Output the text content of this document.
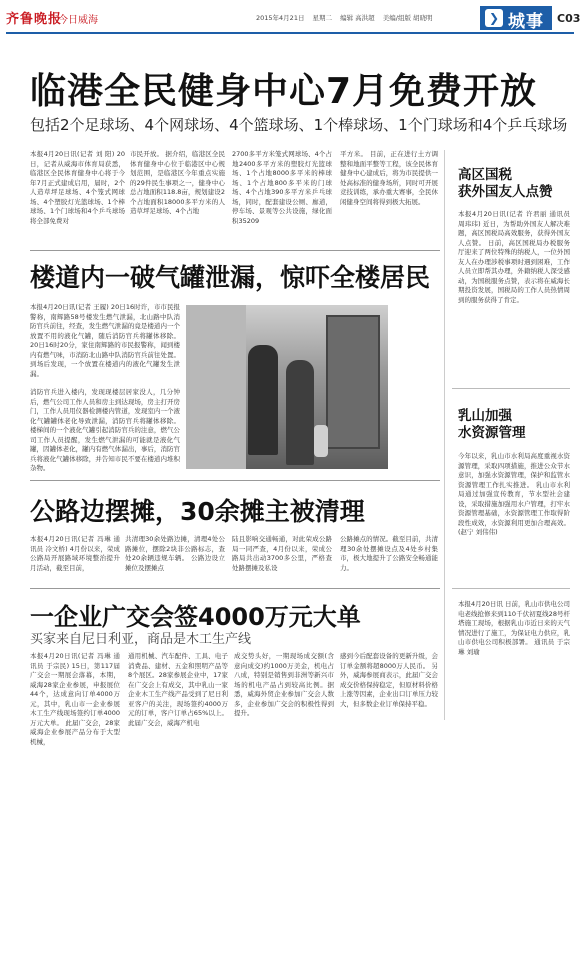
齐鲁晚报
今日威海	2015年4月21日 星期二 编辑 高洪超 美编/组版 胡晓明	❯ 城事 C03
临港全民健身中心7月免费开放
包括2个足球场、4个网球场、4个篮球场、1个棒球场、1个门球场和4个乒乓球场
本报4月20日讯(记者 刘 阳) 20日，记者从威海市体育局获悉，临港区全民体育健身中心将于今年7月正式建成启用，届时，2个人造草坪足球场、4个笼式网球场、4个塑胶灯光篮球场、1个棒球场、1个门球场和4个乒乓球场将全部免费对
市民开放。 据介绍，临港区全民体育健身中心位于临港区中心规划范围，是临港区今年重点实施的29件民生事项之一，健身中心总占地面积118.8亩，规划建设2个占地面积18000多平方米的人造草坪足球场、4个占地
2700多平方米笼式网球场、4个占地2400多平方米的塑胶灯光篮球场、1个占地8000多平米的棒球场、1个占地800多平米的门球场、4个占地390多平方米乒乓球场，同时，配套建设公厕、廊道，停车场、景观等公共设施，绿化面积35209
平方米。 目前，正在进行土方调整和地面平整等工程，该全民体育健身中心建成后，将为市民提供一处高标准的健身场所，同时可开展竞技训练，承办重大赛事，全民休闲健身空间将得到极大拓展。
楼道内一破气罐泄漏，惊吓全楼居民
本报4月20日讯(记者 王履) 20日16时许，市市民报警称，南辉路58号楼发生燃气泄漏，北山路中队消防官兵前往，经查，发生燃气泄漏的竟是楼道内一个放置不用的液化气罐，随后消防官兵将罐体移除。 20日16时20分，家住南辉路的市民报警称，闻到楼内有燃气味，市消防北山路中队消防官兵前往处置。到场后发现，一个放置在楼道内的液化气罐发生泄漏。
消防官兵进入楼内，发现现楼层居家没人，几分钟后，燃气公司工作人员和房主到达现场，房主打开房门，工作人员用仪器检测楼内管道，发现室内一个液化气罐罐体老化导致泄漏，消防官兵将罐体移除。 楼梯间的一个液化气罐引起消防官兵的注意，燃气公司工作人员提醒，发生燃气泄漏的可能就是液化气罐，因罐体老化，罐内有燃气体漏出，事后，消防官兵将液化气罐体移除，并告知市民不要在楼道内堆积杂物。
公路边摆摊，30余摊主被清理
本报4月20日讯(记者 冯琳 通讯员 冷文桥) 4月份以来，荣成公路局开展路域环境整治提升月活动，截至目前，
共清理30余处路边摊，清理4处公路摊位，摆除2块非公路标志，查处20余辆违规车辆。 公路边设立摊位及摆摊点
陆且影响交通畅通，对此荣成公路局一同严查，4月份以来，荣成公路局共出动3700多公里，严格查处路摆摊及私设
公路摊点的情况。截至目前，共清理30余处摆摊设点及4处乡村集市，极大地提升了公路安全畅通能力。
一企业广交会签4000万元大单
买家来自尼日利亚，商品是木工生产线
本报4月20日讯(记者 冯琳 通讯员 于宗民) 15日，第117届广交会一期展会落幕，本期，威海28家企业参展，申报展位44个，达成意向订单4000万元，其中，乳山市一企业参展木工生产线现场签约订单4000万元大单。 此届广交会，28家威海企业参展产品分布于大型机械，
通用机械、汽车配件、工具、电子消费品、建材、五金和照明产品等8个展区。28家参展企业中，17家在广交会上有成交，其中乳山一家企业木工生产线产品受到了尼日利亚客户的关注，现场签约4000万元的订单，客户订单占65%以上。 此届广交会，威海产机电
成交势头好，一期现场成交额(含意向成交)约1000万美金，机电占八成，特别是销售到非洲等新兴市场的机电产品占到较高比例。据悉，威海外贸企业参加广交会人数多，企业参加广交会的积极性得到提升。
感到今后配套设备的更新升级，会订单金额将超8000万人民币。 另外，威海参展商表示，此届广交会成交价格保持稳定，但原材料价格上涨等因素，企业出口订单压力较大，但多数企业订单保持平稳。
高区国税
获外国友人点赞
本报4月20日讯(记者 许君丽 通讯员 周玮玮) 近日，为帮助外国友人解决难题，高区国税局高效服务，获得外国友人点赞。 日前，高区国税局办税服务厅迎来了两位特殊的纳税人，一位外国友人在办理涉税事项时遇到困难，工作人员立即帮其办理，外籍纳税人深受感动，为国税服务点赞，表示将在威海长期投资发展，国税局的工作人员热情周到的服务获得了肯定。
乳山加强
水资源管理
今年以来，乳山市水利局高度重视水资源管理，采取四项措施，推进公众节水意识，加强水资源管理，保护和监管水资源管理工作扎实推进。 乳山市水利局通过加强宣传教育，节水型社会建设，采取措施加强用水户管理，打牢水资源管理基础，水资源管理工作取得阶段性成效，水资源利用更加合理高效。(赵宁 刘伟伟)
本报4月20日讯 日前，乳山市供电公司电老线抢修来到110千伏初夏线28号杆塔施工现场，根据乳山市近日来的天气情况进行了施工，为保证电力供应，乳山市供电公司积极部署。 通讯员 于宗琳 刘瑜
